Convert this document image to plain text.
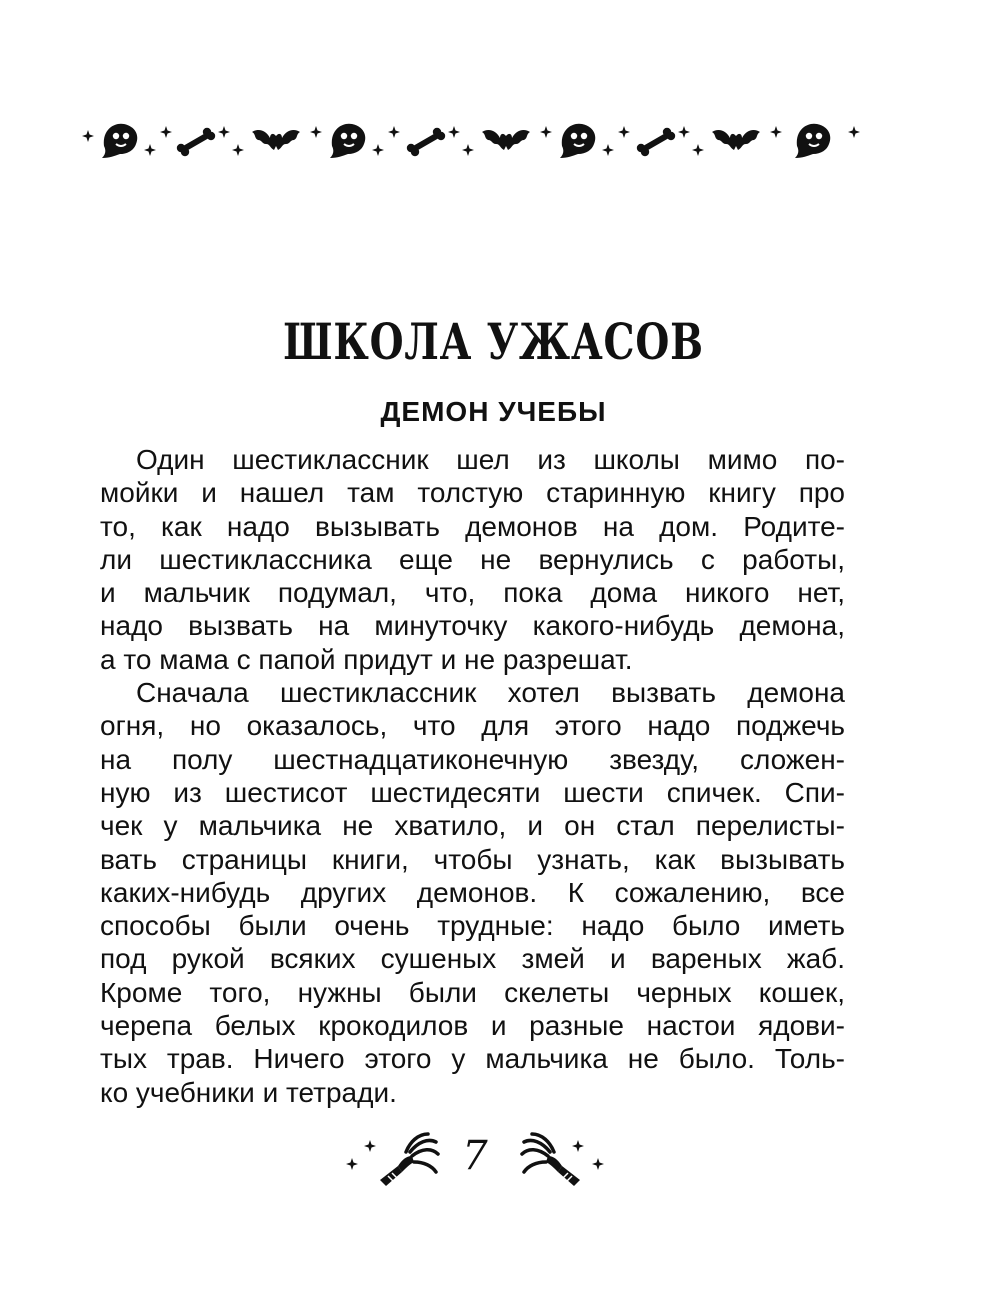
ШКОЛА УЖАСОВ
ДЕМОН УЧЕБЫ
Один шестиклассник шел из школы мимо по-
мойки и нашел там толстую старинную книгу про
то, как надо вызывать демонов на дом. Родите-
ли шестиклассника еще не вернулись с работы,
и мальчик подумал, что, пока дома никого нет,
надо вызвать на минуточку какого-нибудь демона,
а то мама с папой придут и не разрешат.
Сначала шестиклассник хотел вызвать демона
огня, но оказалось, что для этого надо поджечь
на полу шестнадцатиконечную звезду, сложен-
ную из шестисот шестидесяти шести спичек. Спи-
чек у мальчика не хватило, и он стал перелисты-
вать страницы книги, чтобы узнать, как вызывать
каких-нибудь других демонов. К сожалению, все
способы были очень трудные: надо было иметь
под рукой всяких сушеных змей и вареных жаб.
Кроме того, нужны были скелеты черных кошек,
черепа белых крокодилов и разные настои ядови-
тых трав. Ничего этого у мальчика не было. Толь-
ко учебники и тетради.
7
